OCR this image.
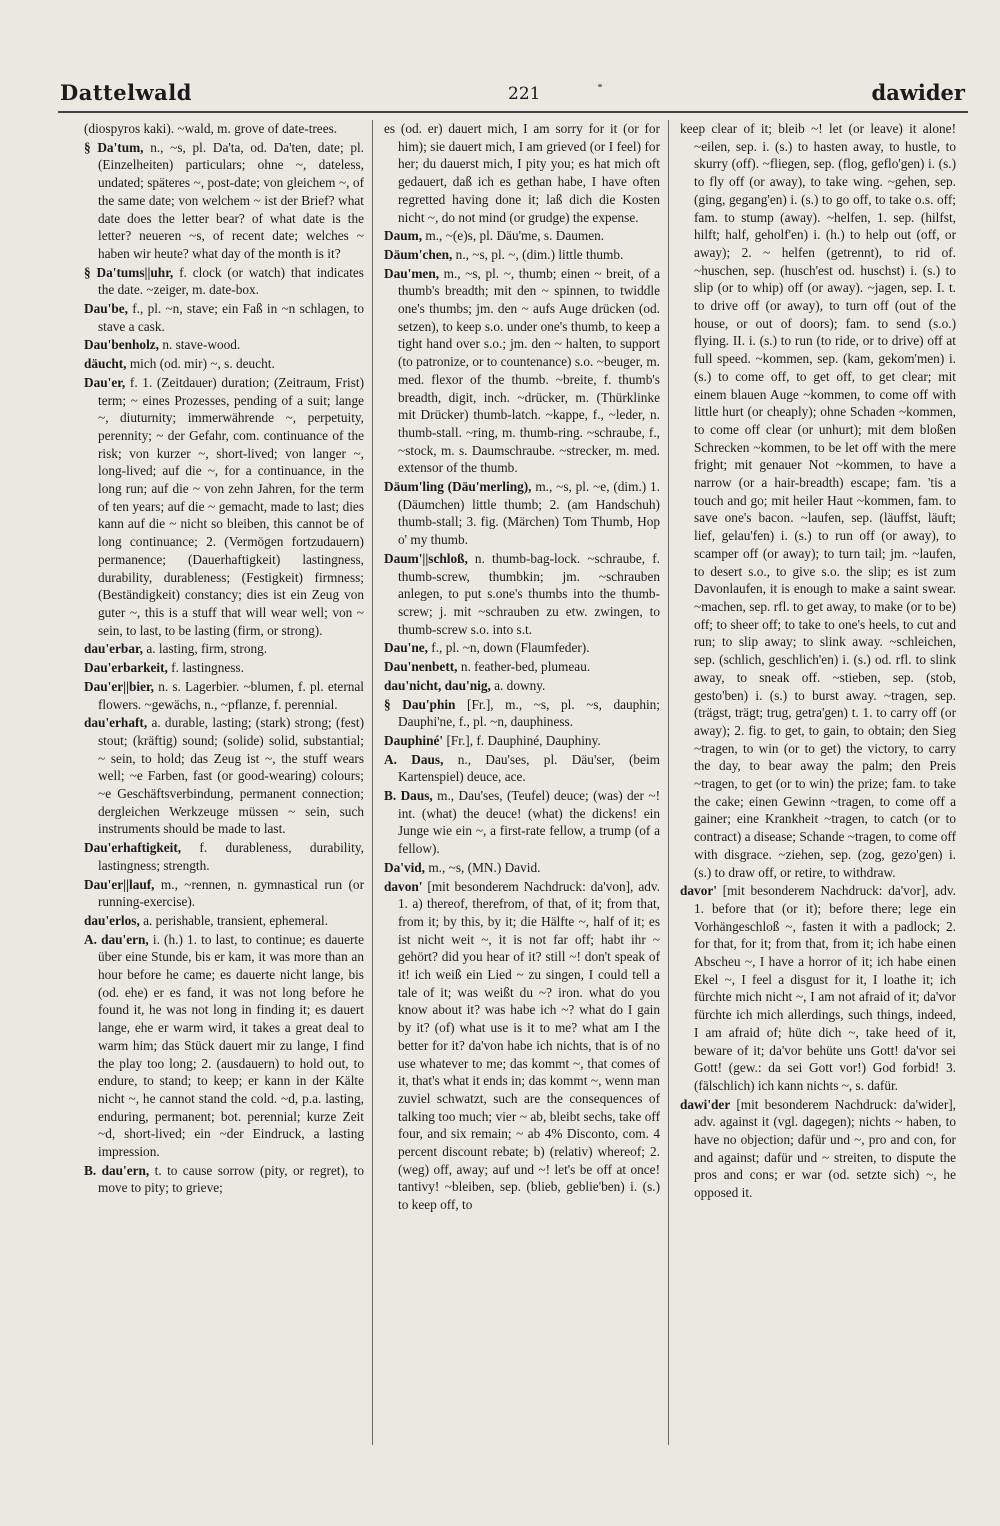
Dattelwald	221	dawider

(diospyros kaki). ~wald, m. grove of date-trees.

§ Da'tum, n., ~s, pl. Da'ta, od. Da'ten, date; pl. (Einzelheiten) particulars; ohne ~, dateless, undated; späteres ~, post-date; von gleichem ~, of the same date; von welchem ~ ist der Brief? what date does the letter bear? of what date is the letter? neueren ~s, of recent date; welches ~ haben wir heute? what day of the month is it?

§ Da'tums||uhr, f. clock (or watch) that indicates the date. ~zeiger, m. date-box.

Dau'be, f., pl. ~n, stave; ein Faß in ~n schlagen, to stave a cask.

Dau'benholz, n. stave-wood.

däucht, mich (od. mir) ~, s. deucht.

Dau'er, f. 1. (Zeitdauer) duration; (Zeitraum, Frist) term; ~ eines Prozesses, pending of a suit; lange ~, diuturnity; immerwährende ~, perpetuity, perennity; ~ der Gefahr, com. continuance of the risk; von kurzer ~, short-lived; von langer ~, long-lived; auf die ~, for a continuance, in the long run; auf die ~ von zehn Jahren, for the term of ten years; auf die ~ gemacht, made to last; dies kann auf die ~ nicht so bleiben, this cannot be of long continuance; 2. (Vermögen fortzudauern) permanence; (Dauerhaftigkeit) lastingness, durability, durableness; (Festigkeit) firmness; (Beständigkeit) constancy; dies ist ein Zeug von guter ~, this is a stuff that will wear well; von ~ sein, to last, to be lasting (firm, or strong).

dau'erbar, a. lasting, firm, strong.

Dau'erbarkeit, f. lastingness.

Dau'er||bier, n. s. Lagerbier. ~blumen, f. pl. eternal flowers. ~gewächs, n., ~pflanze, f. perennial.

dau'erhaft, a. durable, lasting; (stark) strong; (fest) stout; (kräftig) sound; (solide) solid, substantial; ~ sein, to hold; das Zeug ist ~, the stuff wears well; ~e Farben, fast (or good-wearing) colours; ~e Geschäftsverbindung, permanent connection; dergleichen Werkzeuge müssen ~ sein, such instruments should be made to last.

Dau'erhaftigkeit, f. durableness, durability, lastingness; strength.

Dau'er||lauf, m., ~rennen, n. gymnastical run (or running-exercise).

dau'erlos, a. perishable, transient, ephemeral.

A. dau'ern, i. (h.) 1. to last, to continue; es dauerte über eine Stunde, bis er kam, it was more than an hour before he came; es dauerte nicht lange, bis (od. ehe) er es fand, it was not long before he found it, he was not long in finding it; es dauert lange, ehe er warm wird, it takes a great deal to warm him; das Stück dauert mir zu lange, I find the play too long; 2. (ausdauern) to hold out, to endure, to stand; to keep; er kann in der Kälte nicht ~, he cannot stand the cold. ~d, p.a. lasting, enduring, permanent; bot. perennial; kurze Zeit ~d, short-lived; ein ~der Eindruck, a lasting impression.

B. dau'ern, t. to cause sorrow (pity, or regret), to move to pity; to grieve;

es (od. er) dauert mich, I am sorry for it (or for him); sie dauert mich, I am grieved (or I feel) for her; du dauerst mich, I pity you; es hat mich oft gedauert, daß ich es gethan habe, I have often regretted having done it; laß dich die Kosten nicht ~, do not mind (or grudge) the expense.

Daum, m., ~(e)s, pl. Däu'me, s. Daumen.

Däum'chen, n., ~s, pl. ~, (dim.) little thumb.

Dau'men, m., ~s, pl. ~, thumb; einen ~ breit, of a thumb's breadth; mit den ~ spinnen, to twiddle one's thumbs; jm. den ~ aufs Auge drücken (od. setzen), to keep s.o. under one's thumb, to keep a tight hand over s.o.; jm. den ~ halten, to support (to patronize, or to countenance) s.o. ~beuger, m. med. flexor of the thumb. ~breite, f. thumb's breadth, digit, inch. ~drücker, m. (Thürklinke mit Drücker) thumb-latch. ~kappe, f., ~leder, n. thumb-stall. ~ring, m. thumb-ring. ~schraube, f., ~stock, m. s. Daumschraube. ~strecker, m. med. extensor of the thumb.

Däum'ling (Däu'merling), m., ~s, pl. ~e, (dim.) 1. (Däumchen) little thumb; 2. (am Handschuh) thumb-stall; 3. fig. (Märchen) Tom Thumb, Hop o' my thumb.

Daum'||schloß, n. thumb-bag-lock. ~schraube, f. thumb-screw, thumbkin; jm. ~schrauben anlegen, to put s.one's thumbs into the thumb-screw; j. mit ~schrauben zu etw. zwingen, to thumb-screw s.o. into s.t.

Dau'ne, f., pl. ~n, down (Flaumfeder).

Dau'nenbett, n. feather-bed, plumeau.

dau'nicht, dau'nig, a. downy.

§ Dau'phin [Fr.], m., ~s, pl. ~s, dauphin; Dauphi'ne, f., pl. ~n, dauphiness.

Dauphiné' [Fr.], f. Dauphiné, Dauphiny.

A. Daus, n., Dau'ses, pl. Däu'ser, (beim Kartenspiel) deuce, ace.

B. Daus, m., Dau'ses, (Teufel) deuce; (was) der ~! int. (what) the deuce! (what) the dickens! ein Junge wie ein ~, a first-rate fellow, a trump (of a fellow).

Da'vid, m., ~s, (MN.) David.

davon' [mit besonderem Nachdruck: da'von], adv. 1. a) thereof, therefrom, of that, of it; from that, from it; by this, by it; die Hälfte ~, half of it; es ist nicht weit ~, it is not far off; habt ihr ~ gehört? did you hear of it? still ~! don't speak of it! ich weiß ein Lied ~ zu singen, I could tell a tale of it; was weißt du ~? iron. what do you know about it? was habe ich ~? what do I gain by it? (of) what use is it to me? what am I the better for it? da'von habe ich nichts, that is of no use whatever to me; das kommt ~, that comes of it, that's what it ends in; das kommt ~, wenn man zuviel schwatzt, such are the consequences of talking too much; vier ~ ab, bleibt sechs, take off four, and six remain; ~ ab 4% Disconto, com. 4 percent discount rebate; b) (relativ) whereof; 2. (weg) off, away; auf und ~! let's be off at once! tantivy! ~bleiben, sep. (blieb, geblie'ben) i. (s.) to keep off, to

keep clear of it; bleib ~! let (or leave) it alone! ~eilen, sep. i. (s.) to hasten away, to hustle, to skurry (off). ~fliegen, sep. (flog, geflo'gen) i. (s.) to fly off (or away), to take wing. ~gehen, sep. (ging, gegang'en) i. (s.) to go off, to take o.s. off; fam. to stump (away). ~helfen, 1. sep. (hilfst, hilft; half, geholf'en) i. (h.) to help out (off, or away); 2. ~ helfen (getrennt), to rid of. ~huschen, sep. (husch'est od. huschst) i. (s.) to slip (or to whip) off (or away). ~jagen, sep. I. t. to drive off (or away), to turn off (out of the house, or out of doors); fam. to send (s.o.) flying. II. i. (s.) to run (to ride, or to drive) off at full speed. ~kommen, sep. (kam, gekom'men) i. (s.) to come off, to get off, to get clear; mit einem blauen Auge ~kommen, to come off with little hurt (or cheaply); ohne Schaden ~kommen, to come off clear (or unhurt); mit dem bloßen Schrecken ~kommen, to be let off with the mere fright; mit genauer Not ~kommen, to have a narrow (or a hair-breadth) escape; fam. 'tis a touch and go; mit heiler Haut ~kommen, fam. to save one's bacon. ~laufen, sep. (läuffst, läuft; lief, gelau'fen) i. (s.) to run off (or away), to scamper off (or away); to turn tail; jm. ~laufen, to desert s.o., to give s.o. the slip; es ist zum Davonlaufen, it is enough to make a saint swear. ~machen, sep. rfl. to get away, to make (or to be) off; to sheer off; to take to one's heels, to cut and run; to slip away; to slink away. ~schleichen, sep. (schlich, geschlich'en) i. (s.) od. rfl. to slink away, to sneak off. ~stieben, sep. (stob, gesto'ben) i. (s.) to burst away. ~tragen, sep. (trägst, trägt; trug, getra'gen) t. 1. to carry off (or away); 2. fig. to get, to gain, to obtain; den Sieg ~tragen, to win (or to get) the victory, to carry the day, to bear away the palm; den Preis ~tragen, to get (or to win) the prize; fam. to take the cake; einen Gewinn ~tragen, to come off a gainer; eine Krankheit ~tragen, to catch (or to contract) a disease; Schande ~tragen, to come off with disgrace. ~ziehen, sep. (zog, gezo'gen) i. (s.) to draw off, or retire, to withdraw.

davor' [mit besonderem Nachdruck: da'vor], adv. 1. before that (or it); before there; lege ein Vorhängeschloß ~, fasten it with a padlock; 2. for that, for it; from that, from it; ich habe einen Abscheu ~, I have a horror of it; ich habe einen Ekel ~, I feel a disgust for it, I loathe it; ich fürchte mich nicht ~, I am not afraid of it; da'vor fürchte ich mich allerdings, such things, indeed, I am afraid of; hüte dich ~, take heed of it, beware of it; da'vor behüte uns Gott! da'vor sei Gott! (gew.: da sei Gott vor!) God forbid! 3. (fälschlich) ich kann nichts ~, s. dafür.

dawi'der [mit besonderem Nachdruck: da'wider], adv. against it (vgl. dagegen); nichts ~ haben, to have no objection; dafür und ~, pro and con, for and against; dafür und ~ streiten, to dispute the pros and cons; er war (od. setzte sich) ~, he opposed it.
